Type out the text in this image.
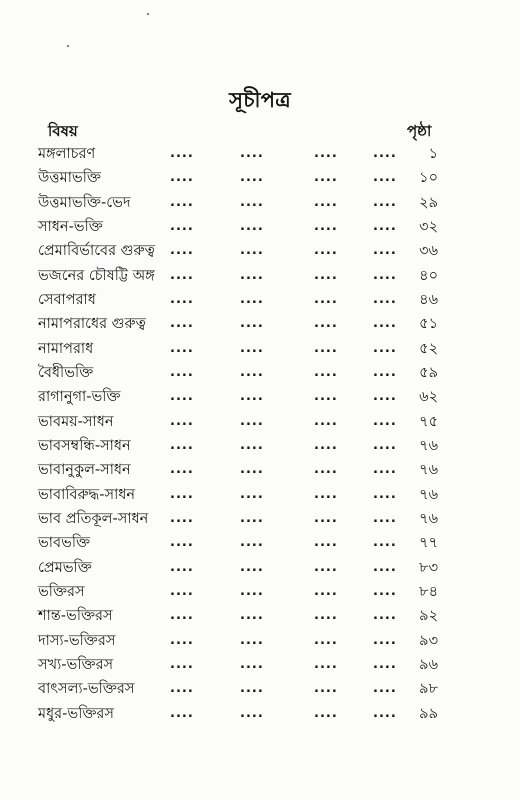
সূচীপত্র
বিষয়	পৃষ্ঠা
মঙ্গলাচরণ	....	....	....	.... ১
উত্তমাভক্তি	....	....	....	.... ১০
উত্তমাভক্তি-ভেদ	....	....	....	.... ২৯
সাধন-ভক্তি	....	....	....	.... ৩২
প্রেমাবির্ভাবের গুরুত্ব ....	....	....	.... ৩৬
ভজনের চৌষট্টি অঙ্গ ....	....	....	.... ৪০
সেবাপরাধ	....	....	....	.... ৪৬
নামাপরাধের গুরুত্ব ....	....	....	.... ৫১
নামাপরাধ	....	....	....	.... ৫২
বৈধীভক্তি	....	....	....	.... ৫৯
রাগানুগা-ভক্তি	....	....	....	.... ৬২
ভাবময়-সাধন	....	....	....	.... ৭৫
ভাবসম্বন্ধি-সাধন	....	....	....	.... ৭৬
ভাবানুকুল-সাধন	....	....	....	.... ৭৬
ভাবাবিরুদ্ধ-সাধন	....	....	....	.... ৭৬
ভাব প্রতিকূল-সাধন ....	....	....	.... ৭৬
ভাবভক্তি	....	....	....	.... ৭৭
প্রেমভক্তি	....	....	....	.... ৮৩
ভক্তিরস	....	....	....	.... ৮৪
শান্ত-ভক্তিরস	....	....	....	.... ৯২
দাস্য-ভক্তিরস	....	....	....	.... ৯৩
সখ্য-ভক্তিরস	....	....	....	.... ৯৬
বাৎসল্য-ভক্তিরস	....	....	....	.... ৯৮
মধুর-ভক্তিরস	....	....	....	.... ৯৯
